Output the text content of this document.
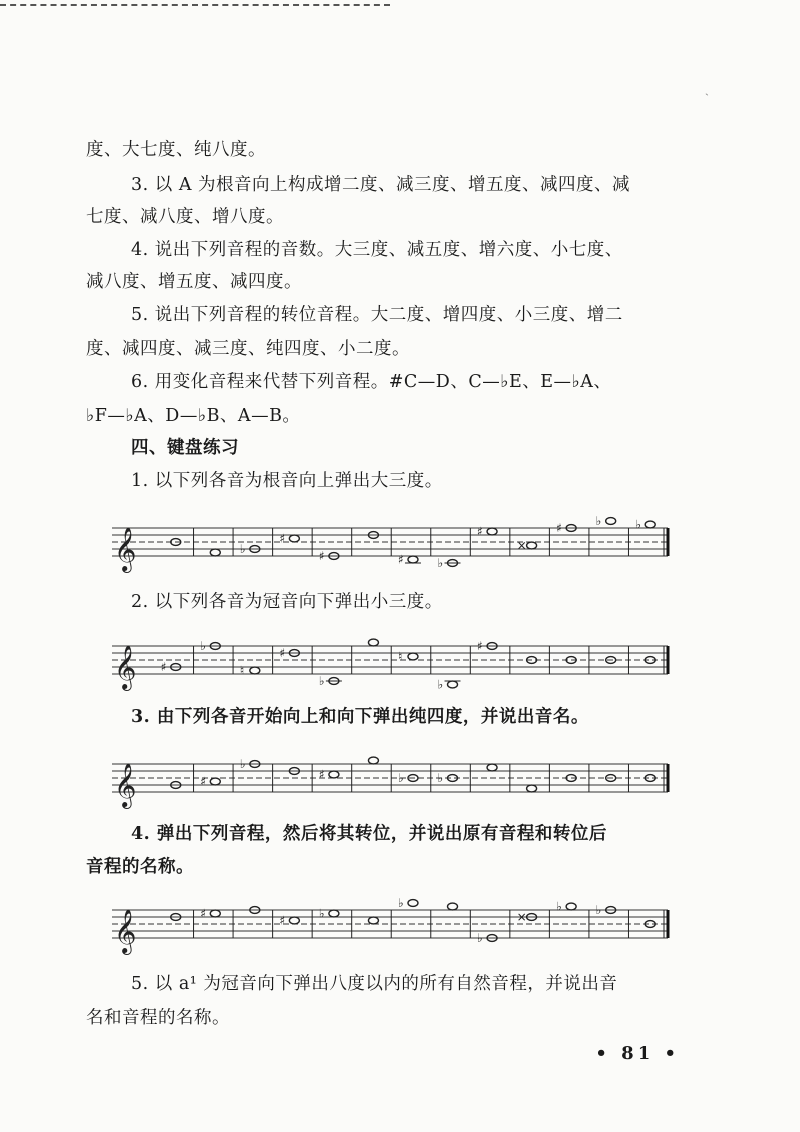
ˏ
度、大七度、纯八度。
3. 以 A 为根音向上构成增二度、减三度、增五度、减四度、减
七度、减八度、增八度。
4. 说出下列音程的音数。大三度、减五度、增六度、小七度、
减八度、增五度、减四度。
5. 说出下列音程的转位音程。大二度、增四度、小三度、增二
度、减四度、减三度、纯四度、小二度。
6. 用变化音程来代替下列音程。#C—D、C—♭E、E—♭A、
♭F—♭A、D—♭B、A—B。
四、键盘练习
1. 以下列各音为根音向上弹出大三度。
𝄞	♭
♯
♯	♯	♭
♯
×
♯	♭	♭
2. 以下列各音为冠音向下弹出小三度。
𝄞 ♯
♭
♮
♯
♭
♮
♭
♯
3. 由下列各音开始向上和向下弹出纯四度，并说出音名。
𝄞	♯
♭
♯	♭	♭
4. 弹出下列音程，然后将其转位，并说出原有音程和转位后
音程的名称。
𝄞	♯	♯	♭
♭
♭
×
♭	♭
5. 以 a¹ 为冠音向下弹出八度以内的所有自然音程，并说出音
名和音程的名称。
• 81 •
